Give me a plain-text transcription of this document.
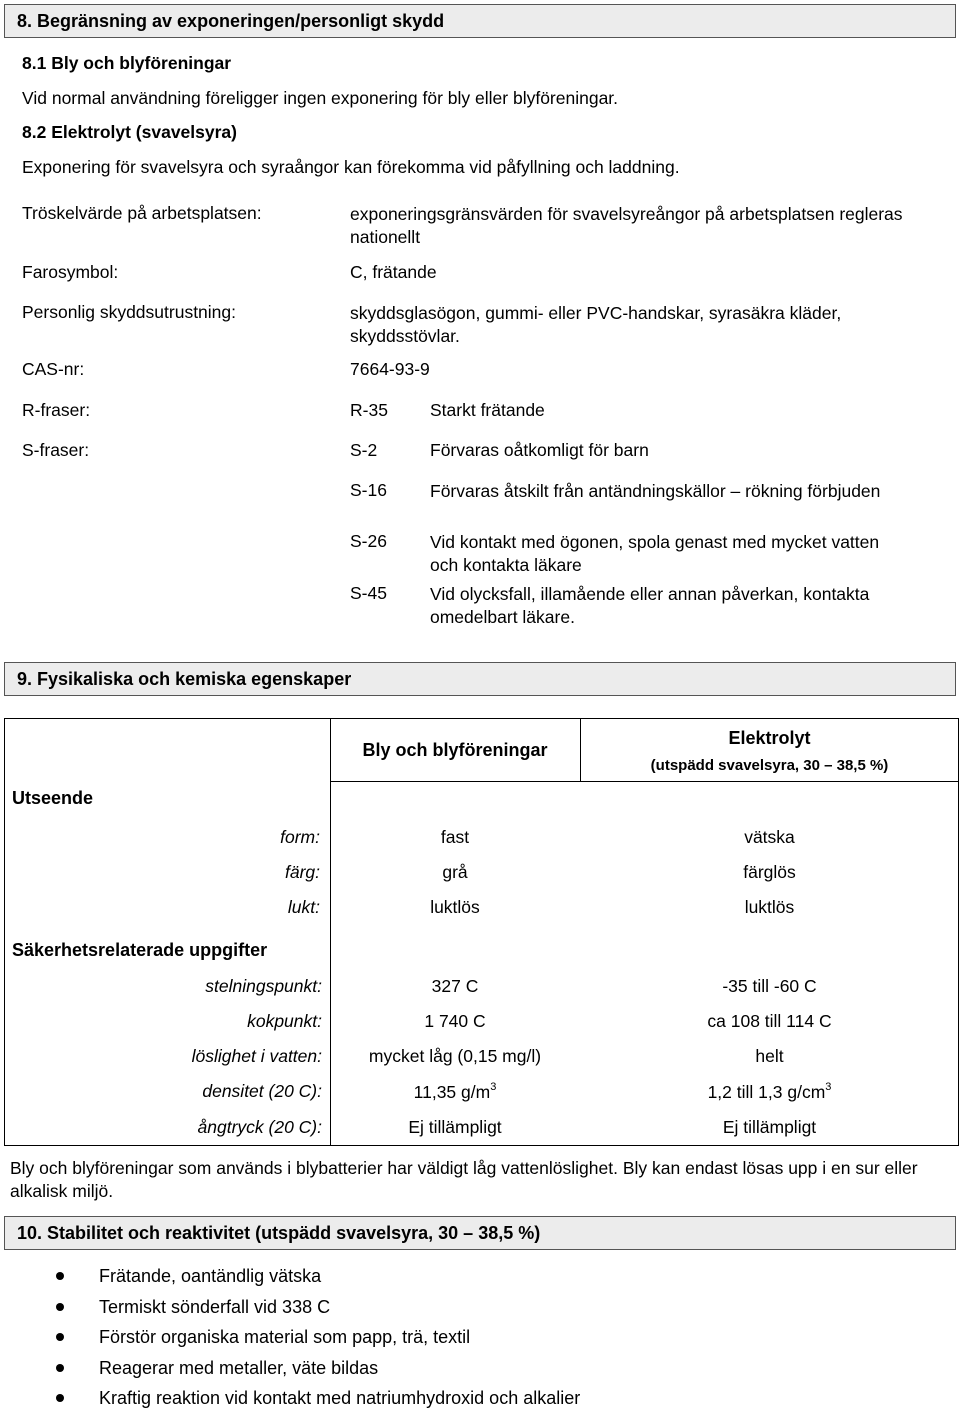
8. Begränsning av exponeringen/personligt skydd
8.1 Bly och blyföreningar
Vid normal användning föreligger ingen exponering för bly eller blyföreningar.
8.2 Elektrolyt (svavelsyra)
Exponering för svavelsyra och syraångor kan förekomma vid påfyllning och laddning.
Tröskelvärde på arbetsplatsen:	exponeringsgränsvärden för svavelsyreångor på arbetsplatsen regleras nationellt
Farosymbol:	C, frätande
Personlig skyddsutrustning:	skyddsglasögon, gummi- eller PVC-handskar, syrasäkra kläder, skyddsstövlar.
CAS-nr:	7664-93-9
R-fraser:	R-35 Starkt frätande
S-fraser:	S-2	Förvaras oåtkomligt för barn
S-16 Förvaras åtskilt från antändningskällor – rökning förbjuden
S-26 Vid kontakt med ögonen, spola genast med mycket vatten och kontakta läkare
S-45 Vid olycksfall, illamående eller annan påverkan, kontakta omedelbart läkare.
9. Fysikaliska och kemiska egenskaper
Bly och blyföreningar
Elektrolyt
(utspädd svavelsyra, 30 – 38,5 %)
Utseende
form:	fast	vätska
färg:	grå	färglös
lukt:	luktlös	luktlös
Säkerhetsrelaterade uppgifter
stelningspunkt:	327 C	-35 till -60 C
kokpunkt:	1 740 C	ca 108 till 114 C
löslighet i vatten:	mycket låg (0,15 mg/l)	helt
densitet (20 C):	11,35 $g/m^3$	1,2 till 1,3 $g/cm^3$
ångtryck (20 C):	Ej tillämpligt	Ej tillämpligt
Bly och blyföreningar som används i blybatterier har väldigt låg vattenlöslighet. Bly kan endast lösas upp i en sur eller alkalisk miljö.
10. Stabilitet och reaktivitet (utspädd svavelsyra, 30 – 38,5 %)
Frätande, oantändlig vätska
Termiskt sönderfall vid 338 C
Förstör organiska material som papp, trä, textil
Reagerar med metaller, väte bildas
Kraftig reaktion vid kontakt med natriumhydroxid och alkalier
